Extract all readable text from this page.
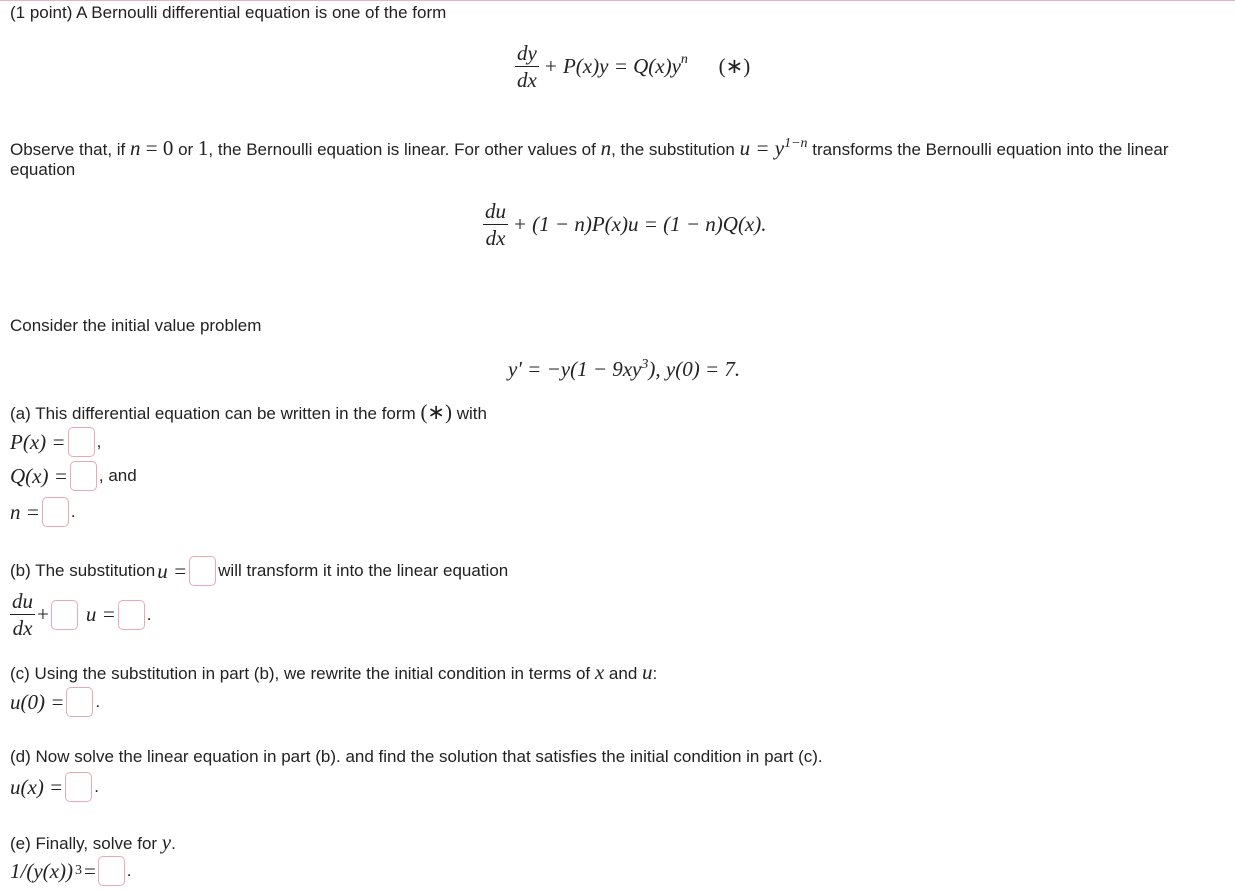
(1 point) A Bernoulli differential equation is one of the form
$\frac{dy}{dx} + P(x)y = Q(x)y^n$ (∗)
Observe that, if n = 0 or 1, the Bernoulli equation is linear. For other values of n, the substitution $u = y^{1-n}$ transforms the Bernoulli equation into the linear
equation
$\frac{du}{dx} + (1 - n)P(x)u = (1 - n)Q(x)$.
Consider the initial value problem
$y' = -y(1 - 9xy^3)$, y(0) = 7.
(a) This differential equation can be written in the form (∗) with
P(x) = ,
Q(x) = , and
n = .
(b) The substitution u = will transform it into the linear equation
$\frac{du}{dx} + u$ = .
(c) Using the substitution in part (b), we rewrite the initial condition in terms of x and u:
u(0) = .
(d) Now solve the linear equation in part (b). and find the solution that satisfies the initial condition in part (c).
u(x) = .
(e) Finally, solve for y.
1/(y(x)) 3 = .
